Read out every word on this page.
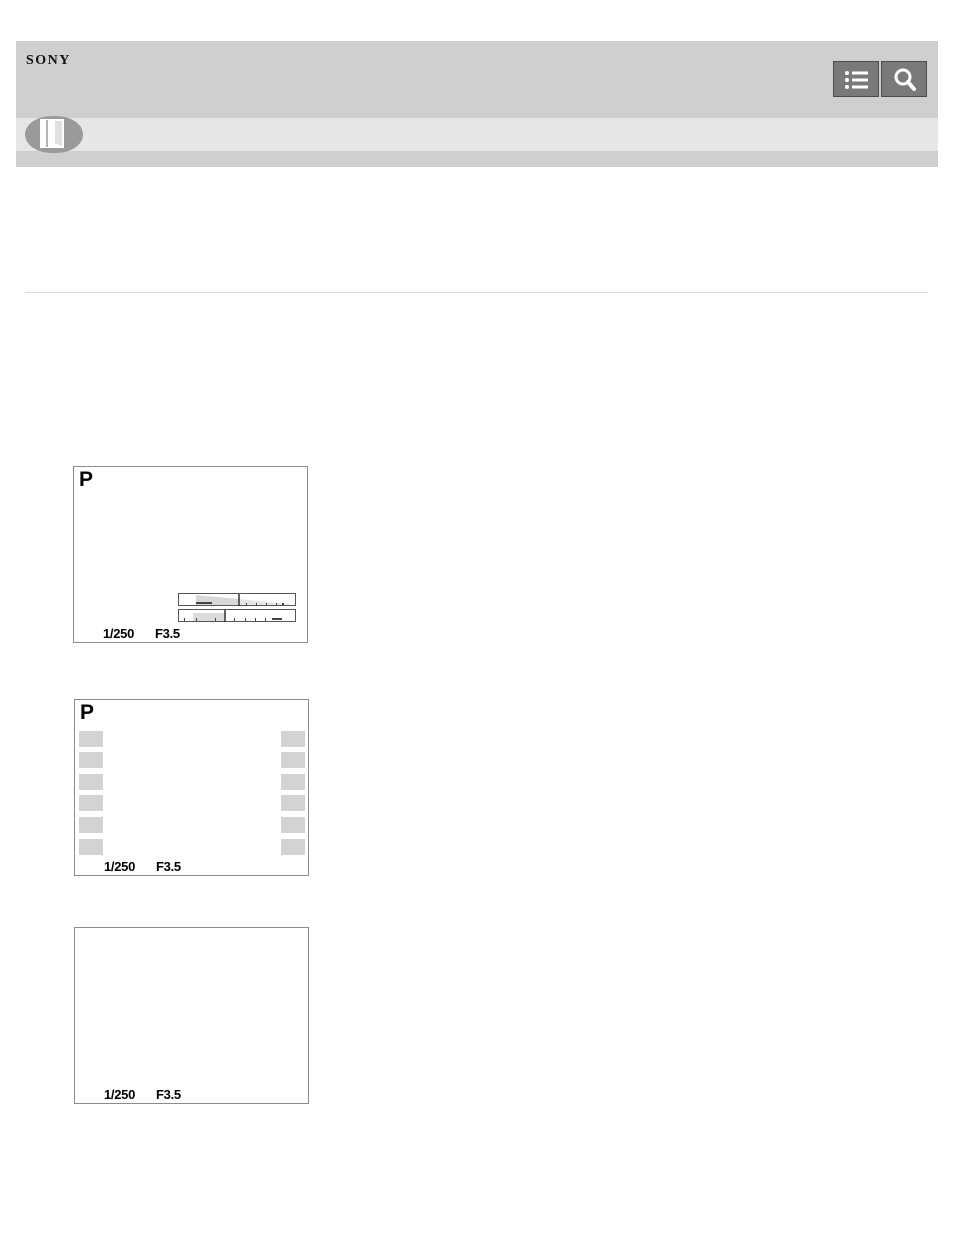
SONY
P
1/250 F3.5
P
1/250 F3.5
1/250 F3.5
